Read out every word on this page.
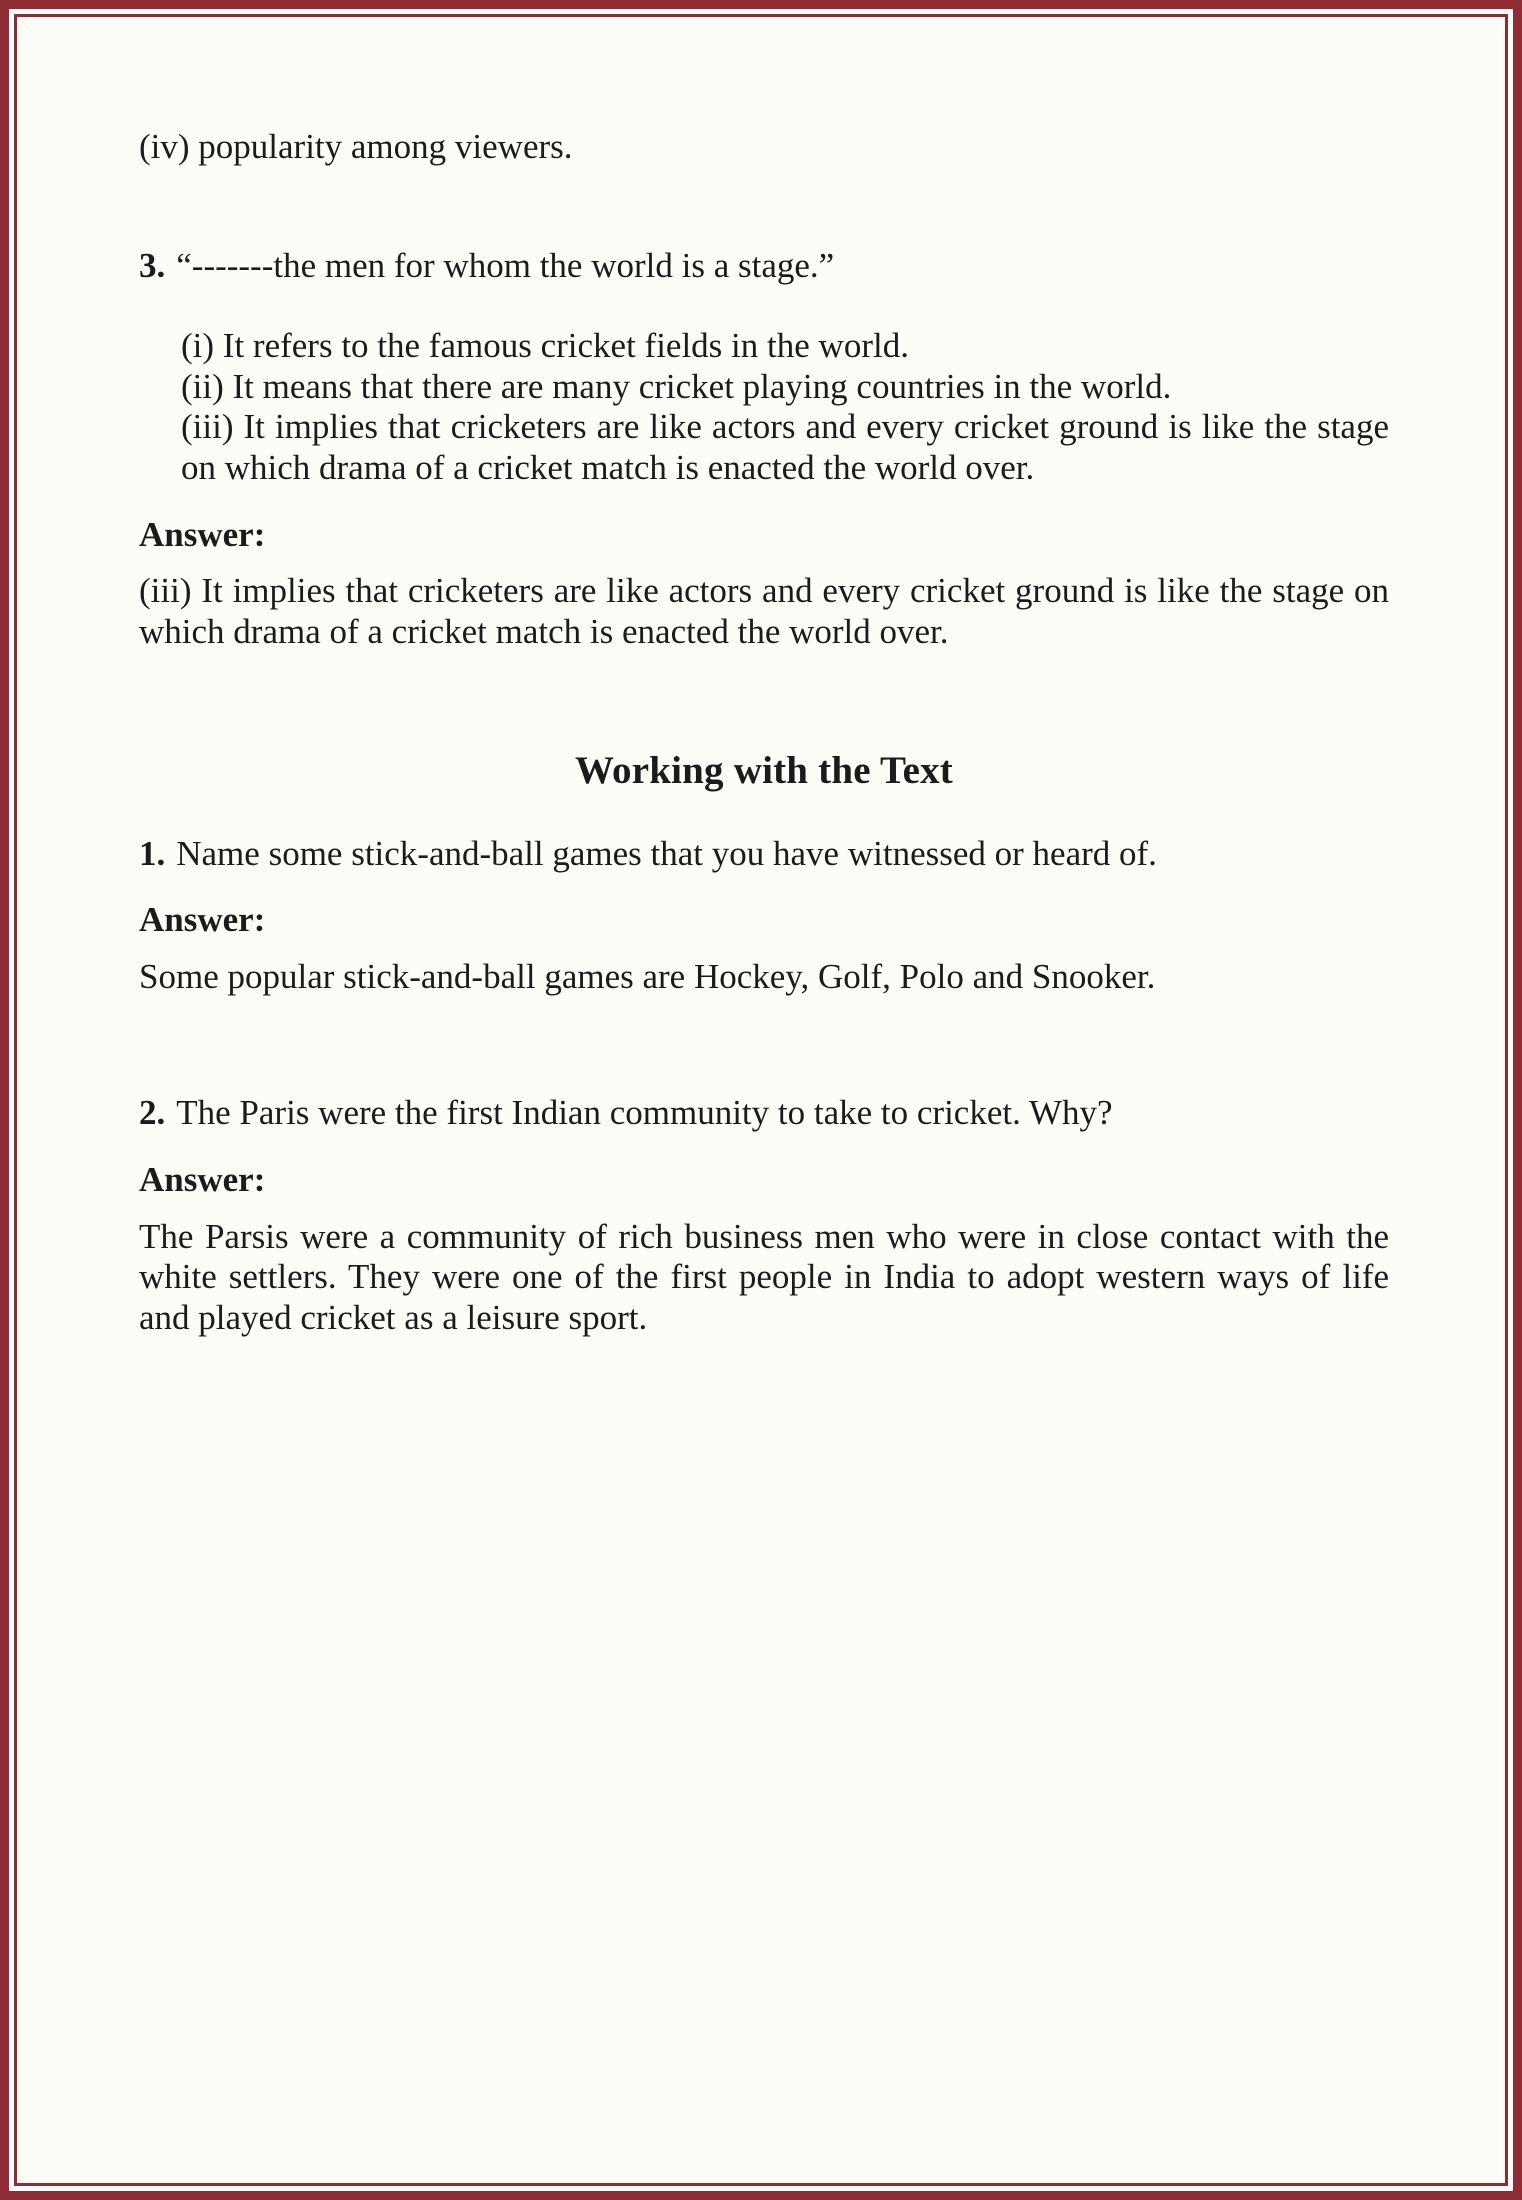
(iv) popularity among viewers.

3. “-------the men for whom the world is a stage.”

(i) It refers to the famous cricket fields in the world.

(ii) It means that there are many cricket playing countries in the world.

(iii) It implies that cricketers are like actors and every cricket ground is like the stage on which drama of a cricket match is enacted the world over.

Answer:

(iii) It implies that cricketers are like actors and every cricket ground is like the stage on which drama of a cricket match is enacted the world over.

Working with the Text

1. Name some stick-and-ball games that you have witnessed or heard of.

Answer:

Some popular stick-and-ball games are Hockey, Golf, Polo and Snooker.

2. The Paris were the first Indian community to take to cricket. Why?

Answer:

The Parsis were a community of rich business men who were in close contact with the white settlers. They were one of the first people in India to adopt western ways of life and played cricket as a leisure sport.
